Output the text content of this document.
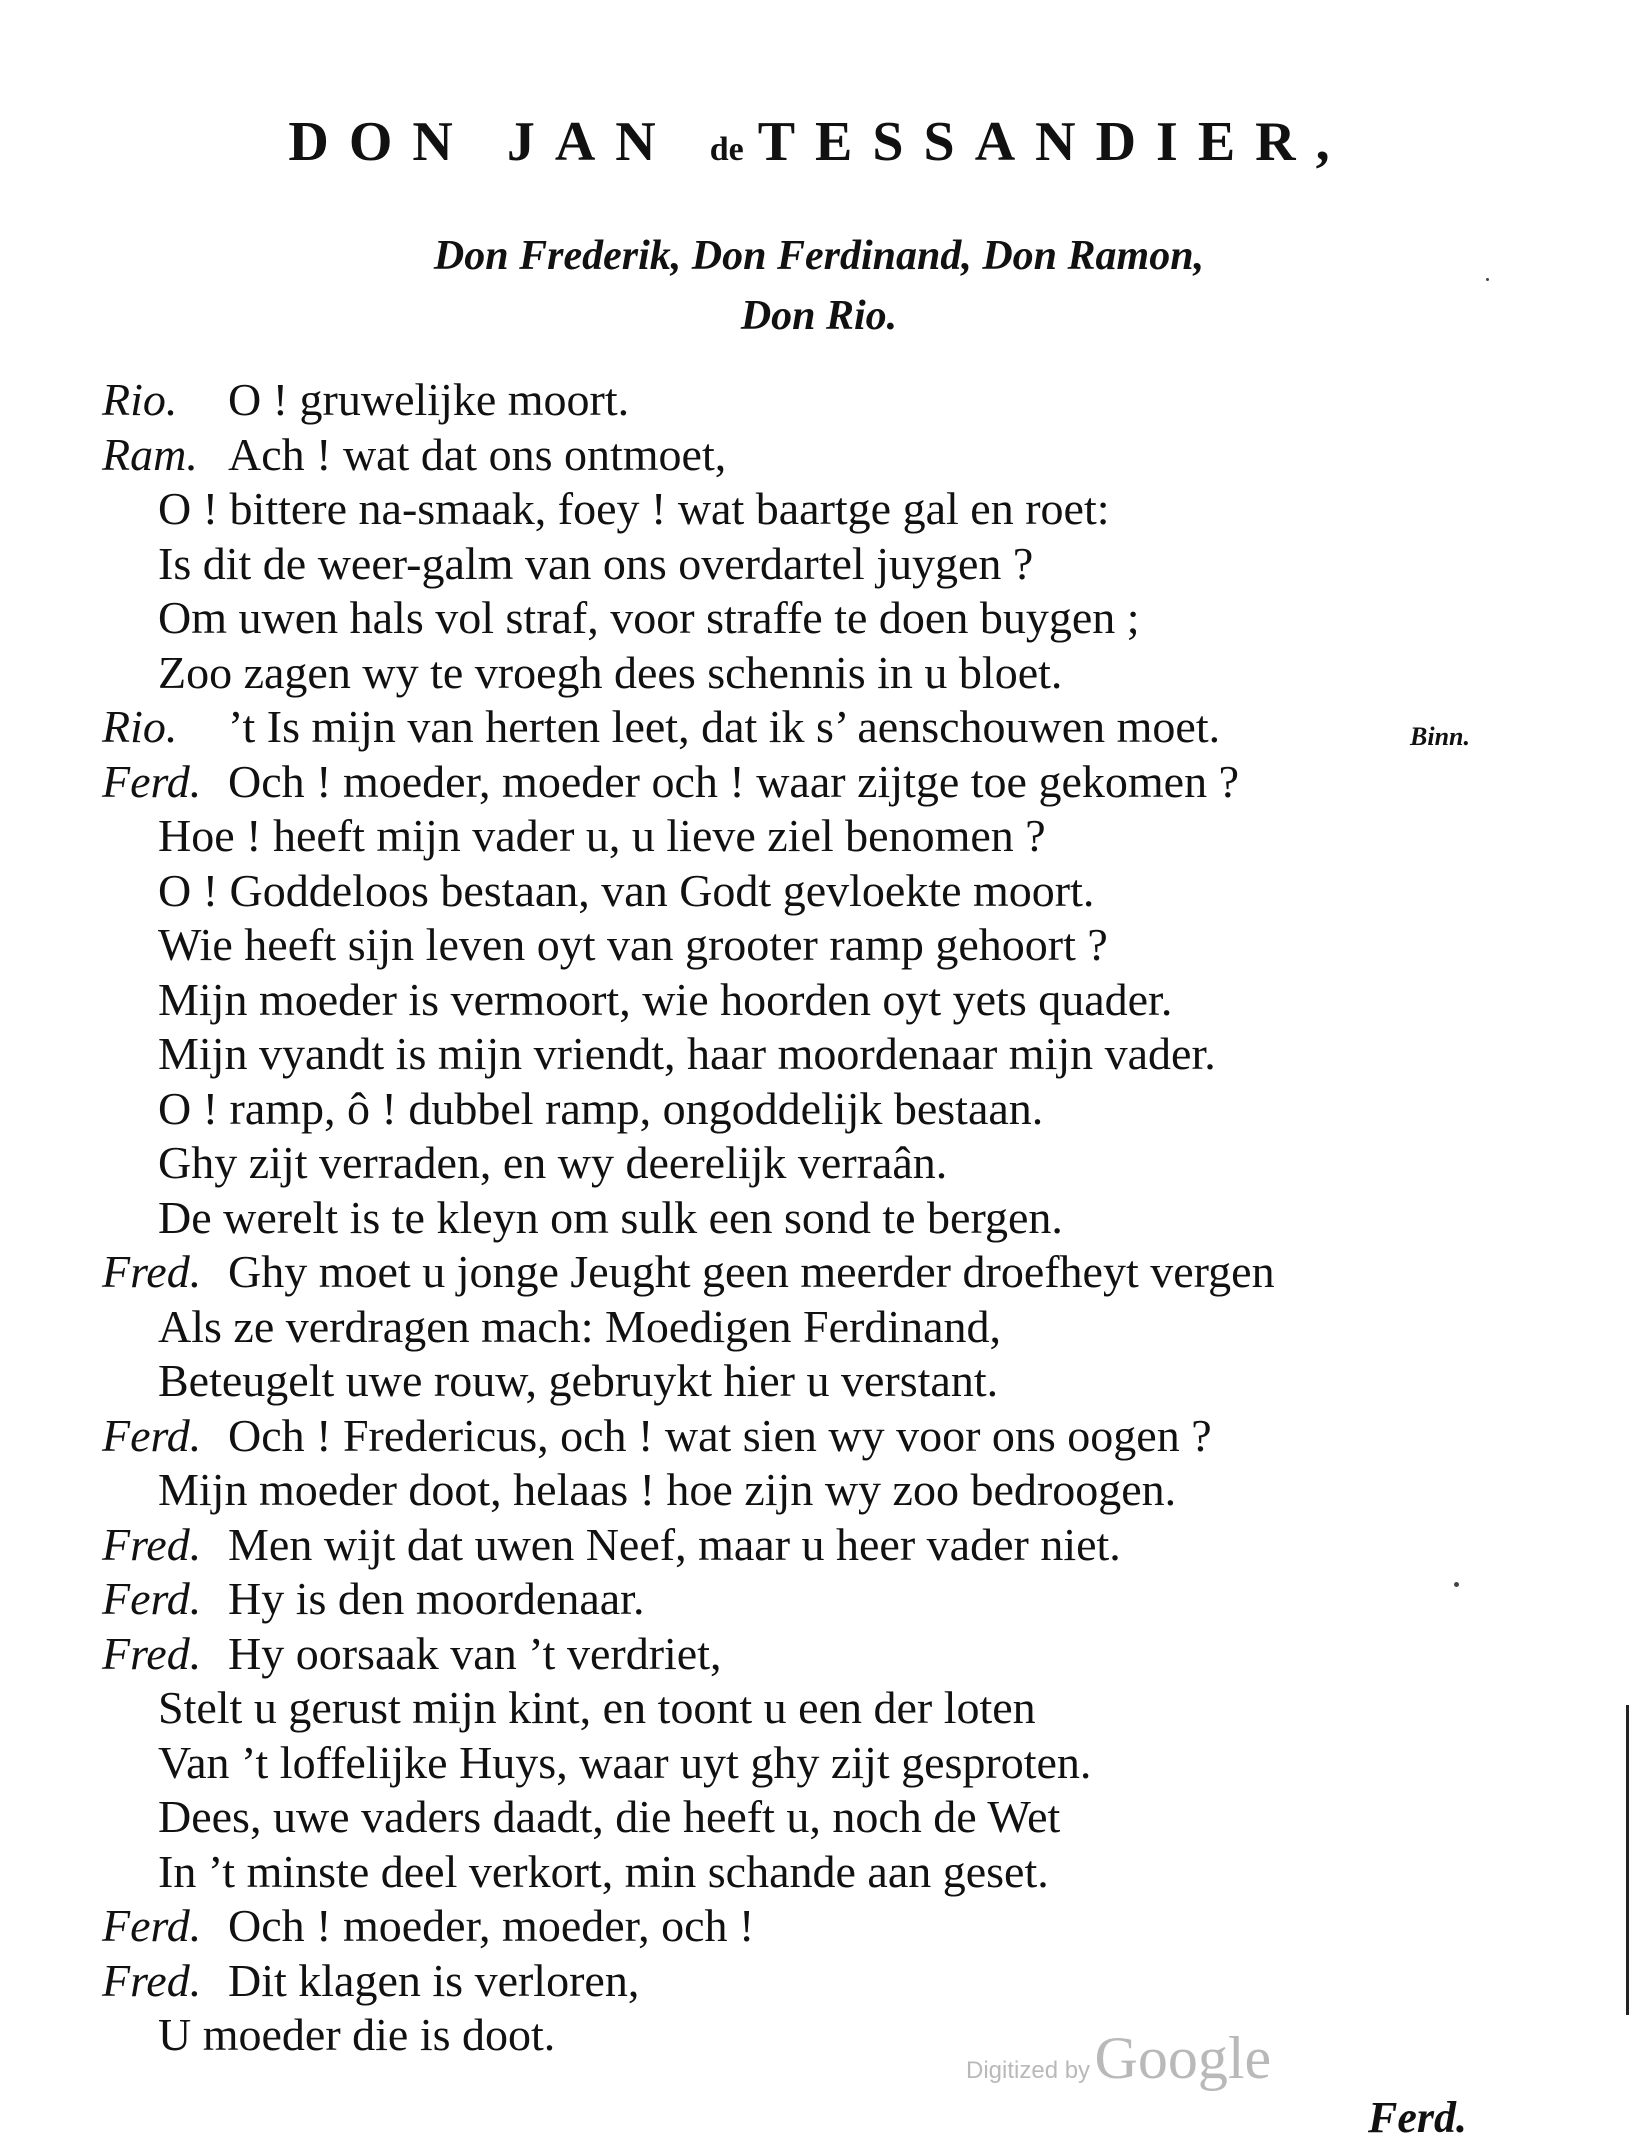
DON JAN de TESSANDIER,
Don Frederik, Don Ferdinand, Don Ramon,
Don Rio.
Rio. O ! gruwelijke moort.
Ram. Ach ! wat dat ons ontmoet,
O ! bittere na-smaak, foey ! wat baartge gal en roet:
Is dit de weer-galm van ons overdartel juygen ?
Om uwen hals vol straf, voor straffe te doen buygen ;
Zoo zagen wy te vroegh dees schennis in u bloet.
Rio. ’t Is mijn van herten leet, dat ik s’ aenschouwen moet.
Ferd. Och ! moeder, moeder och ! waar zijtge toe gekomen ?
Hoe ! heeft mijn vader u, u lieve ziel benomen ?
O ! Goddeloos bestaan, van Godt gevloekte moort.
Wie heeft sijn leven oyt van grooter ramp gehoort ?
Mijn moeder is vermoort, wie hoorden oyt yets quader.
Mijn vyandt is mijn vriendt, haar moordenaar mijn vader.
O ! ramp, ô ! dubbel ramp, ongoddelijk bestaan.
Ghy zijt verraden, en wy deerelijk verraân.
De werelt is te kleyn om sulk een sond te bergen.
Fred. Ghy moet u jonge Jeught geen meerder droefheyt vergen
Als ze verdragen mach: Moedigen Ferdinand,
Beteugelt uwe rouw, gebruykt hier u verstant.
Ferd. Och ! Fredericus, och ! wat sien wy voor ons oogen ?
Mijn moeder doot, helaas ! hoe zijn wy zoo bedroogen.
Fred. Men wijt dat uwen Neef, maar u heer vader niet.
Ferd. Hy is den moordenaar.
Fred. Hy oorsaak van ’t verdriet,
Stelt u gerust mijn kint, en toont u een der loten
Van ’t loffelijke Huys, waar uyt ghy zijt gesproten.
Dees, uwe vaders daadt, die heeft u, noch de Wet
In ’t minste deel verkort, min schande aan geset.
Ferd. Och ! moeder, moeder, och !
Fred. Dit klagen is verloren,
U moeder die is doot.
Binn.
Digitized by Google
Ferd.
